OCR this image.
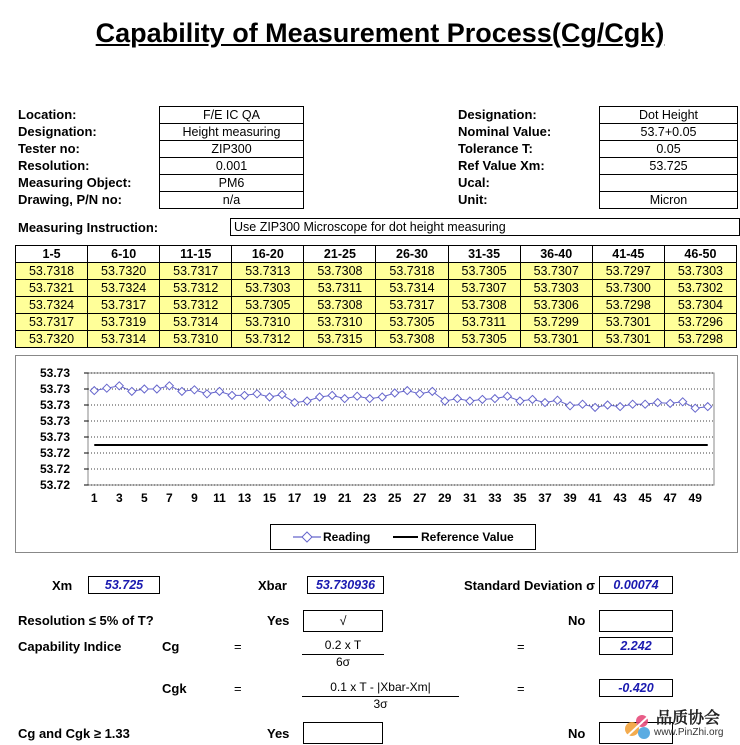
Capability of Measurement Process(Cg/Cgk)
Location:	F/E IC QA
Designation:	Height measuring
Tester no:	ZIP300
Resolution:	0.001
Measuring Object:	PM6
Drawing, P/N no:	n/a
Designation:	Dot Height
Nominal Value:	53.7+0.05
Tolerance T:	0.05
Ref Value Xm:	53.725
Ucal:
Unit:	Micron
Measuring Instruction:	Use ZIP300 Microscope for dot height measuring
1-5	6-10	11-15	16-20	21-25	26-30	31-35	36-40	41-45	46-50
53.7318	53.7320	53.7317	53.7313	53.7308	53.7318	53.7305	53.7307	53.7297	53.7303
53.7321	53.7324	53.7312	53.7303	53.7311	53.7314	53.7307	53.7303	53.7300	53.7302
53.7324	53.7317	53.7312	53.7305	53.7308	53.7317	53.7308	53.7306	53.7298	53.7304
53.7317	53.7319	53.7314	53.7310	53.7310	53.7305	53.7311	53.7299	53.7301	53.7296
53.7320	53.7314	53.7310	53.7312	53.7315	53.7308	53.7305	53.7301	53.7301	53.7298
53.73
53.73
53.73
53.73
53.73
53.72
53.72
53.72
1 3 5 7 9 11 13 15 17 19 21 23 25 27 29 31 33 35 37 39 41 43 45 47 49
Reading	Reference Value
Xm	53.725	Xbar	53.730936	Standard Deviation σ	0.00074
Resolution ≤ 5% of T?	Yes	√	No
Capability Indice	Cg	=	0.2 x T
6σ
=	2.242
Cgk	=	0.1 x T - |Xbar-Xm|
3σ
=	-0.420
Cg and Cgk ≥ 1.33	Yes	No
品质协会
www.PinZhi.org
